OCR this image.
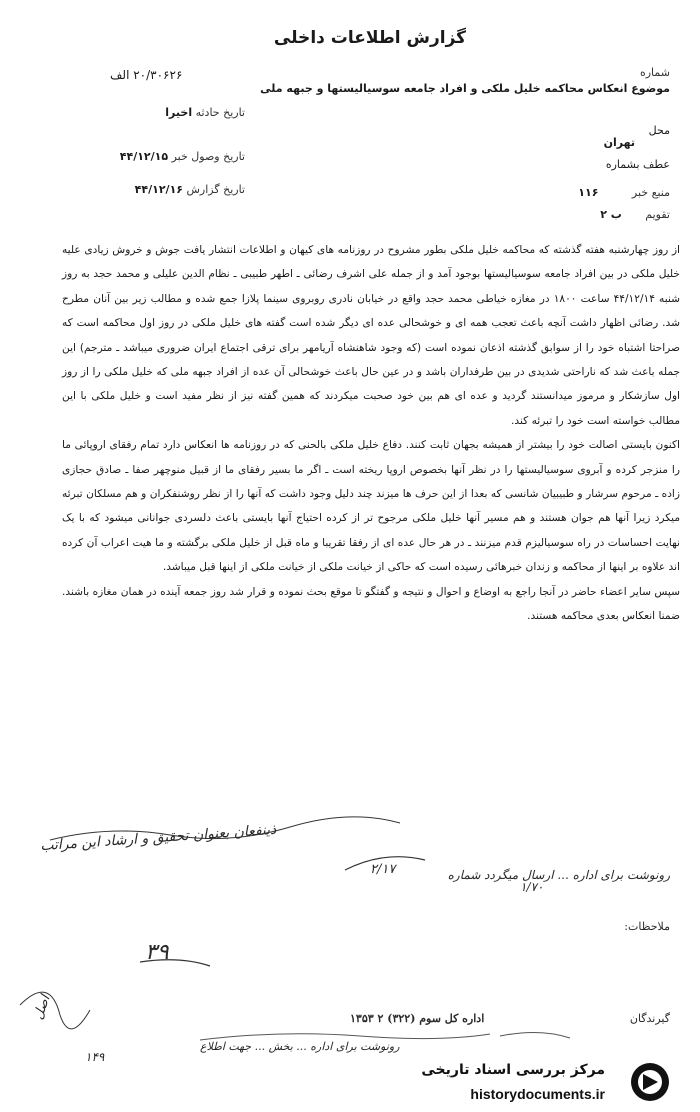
گزارش اطلاعات داخلی
شماره
۲۰/۳۰۶۲۶ الف
موضوع انعکاس محاکمه خلیل ملکی و افراد جامعه سوسیالیستها و جبهه ملی
تاریخ حادثه اخیرا
محل
تهران
عطف بشماره
تاریخ وصول خبر ۴۴/۱۲/۱۵
منبع خبر ۱۱۶
تاریخ گزارش ۴۴/۱۲/۱۶
تقویم ب ۲

از روز چهارشنبه هفته گذشته که محاکمه خلیل ملکی بطور مشروح در روزنامه های کیهان و اطلاعات انتشار یافت جوش و خروش زیادی علیه خلیل ملکی در بین افراد جامعه سوسیالیستها بوجود آمد و از جمله علی اشرف رضائی ـ اطهر طبیبی ـ نظام الدین علیلی و محمد حجد به روز شنبه ۴۴/۱۲/۱۴ ساعت ۱۸۰۰ در مغازه خیاطی محمد حجد واقع در خیابان نادری روبروی سینما پلازا جمع شده و مطالب زیر بین آنان مطرح شد. رضائی اظهار داشت آنچه باعث تعجب همه ای و خوشحالی عده ای دیگر شده است گفته های خلیل ملکی در روز اول محاکمه است که صراحتا اشتباه خود را از سوابق گذشته اذعان نموده است (که وجود شاهنشاه آریامهر برای ترقی اجتماع ایران ضروری میباشد ـ مترجم) این جمله باعث شد که ناراحتی شدیدی در بین طرفداران باشد و در عین حال باعث خوشحالی آن عده از افراد جبهه ملی که خلیل ملکی را از روز اول سازشکار و مرموز میدانستند گردید و عده ای هم بین خود صحبت میکردند که همین گفته نیز از نظر مفید است و خلیل ملکی با این مطالب خواسته است خود را تبرئه کند.

اکنون بایستی اصالت خود را بیشتر از همیشه بجهان ثابت کنند. دفاع خلیل ملکی بالحنی که در روزنامه ها انعکاس دارد تمام رفقای اروپائی ما را منزجر کرده و آبروی سوسیالیستها را در نظر آنها بخصوص اروپا ریخته است ـ اگر ما بسیر رفقای ما از قبیل منوچهر صفا ـ صادق حجازی زاده ـ مرحوم سرشار و طبیبیان شانسی که بعدا از این حرف ها میزند چند دلیل وجود داشت که آنها را از نظر روشنفکران و هم مسلکان تبرئه میکرد زیرا آنها هم جوان هستند و هم مسیر آنها خلیل ملکی مرجوح تر از کرده احتیاج آنها بایستی باعث دلسردی جوانانی میشود که با یک نهایت احساسات در راه سوسیالیزم قدم میزنند ـ در هر حال عده ای از رفقا تقریبا و ماه قبل از خلیل ملکی برگشته و ما هیت اعراب آن کرده اند علاوه بر اینها از محاکمه و زندان خبرهائی رسیده است که حاکی از خیانت ملکی از خیانت ملکی از اینها قبل میباشد.

سپس سایر اعضاء حاضر در آنجا راجع به اوضاع و احوال و نتیجه و گفتگو تا موقع بحث نموده و قرار شد روز جمعه آینده در همان مغازه باشند. ضمنا انعکاس بعدی محاکمه هستند.

ذینفعان بعنوان تحقیق و ارشاد این مراتب
رونوشت برای اداره ... ارسال میگردد شماره
۲/۱۷
۱/۷۰
ملاحظات:
۳۹
گیرندگان
اداره کل سوم (۳۲۲) ۲ ۱۳۵۳
رونوشت برای اداره ... بخش ... جهت اطلاع
۱۴۹
اصل
مرکز بررسی اسناد تاریخی
historydocuments.ir
